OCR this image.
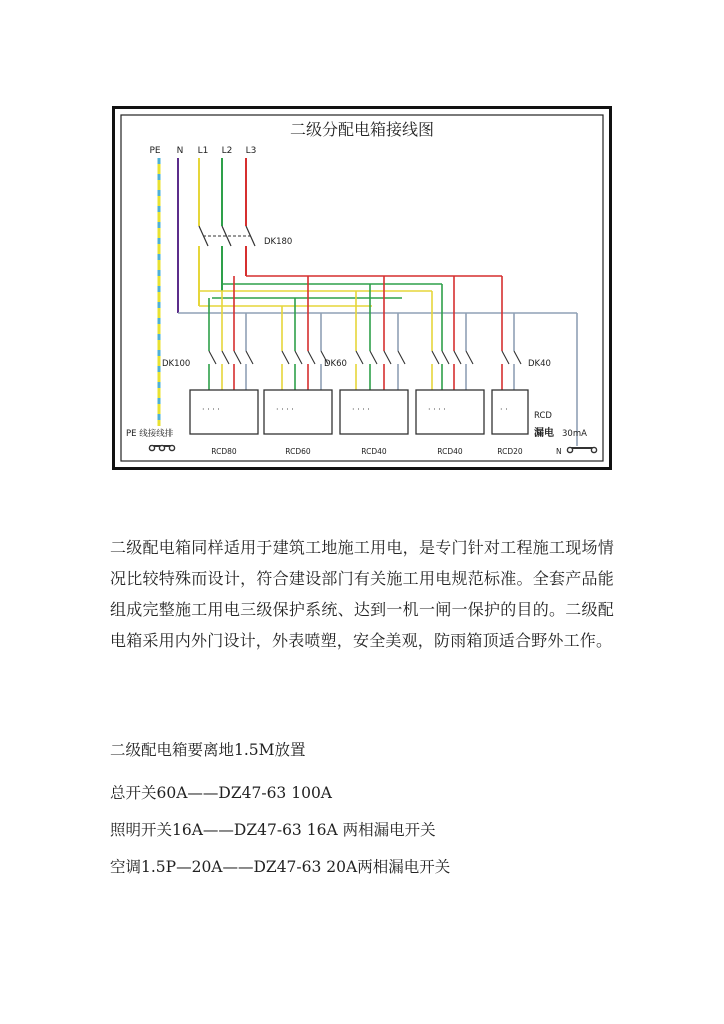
二级分配电箱接线图
PE N L1 L2 L3
DK180
DK100	DK60	DK40
· · · ·	· · · ·	· · · ·	· · · ·	· ·
RCD80	RCD60	RCD40	RCD40	RCD20
RCD
漏电 30mA
N
PE 线接线排

二级配电箱同样适用于建筑工地施工用电，是专门针对工程施工现场情况比较特殊而设计，符合建设部门有关施工用电规范标准。全套产品能组成完整施工用电三级保护系统、达到一机一闸一保护的目的。二级配电箱采用内外门设计，外表喷塑，安全美观，防雨箱顶适合野外工作。

二级配电箱要离地1.5M放置

总开关60A——DZ47-63 100A

照明开关16A——DZ47-63 16A 两相漏电开关

空调1.5P—20A——DZ47-63 20A两相漏电开关
